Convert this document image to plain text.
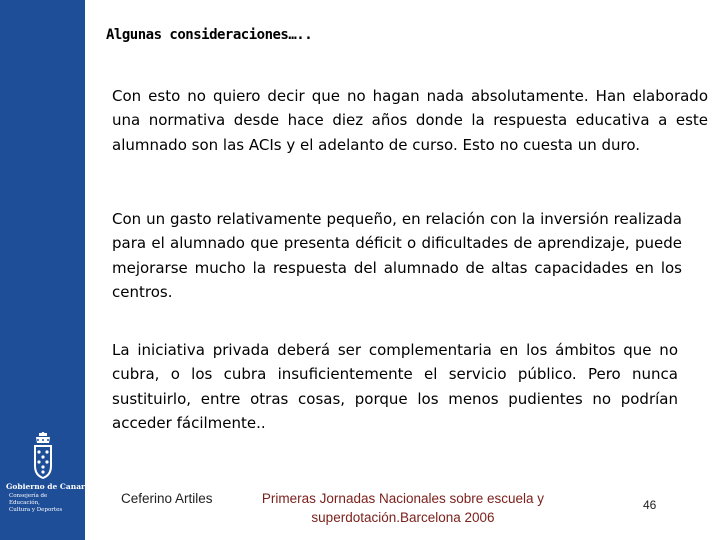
Gobierno de Canarias
Consejería de Educación,
Cultura y Deportes
Algunas consideraciones…..

Con esto no quiero decir que no hagan nada absolutamente. Han elaborado una normativa desde hace diez años donde la respuesta educativa a este alumnado son las ACIs y el adelanto de curso. Esto no cuesta un duro.

Con un gasto relativamente pequeño, en relación con la inversión realizada para el alumnado que presenta déficit o dificultades de aprendizaje, puede mejorarse mucho la respuesta del alumnado de altas capacidades en los centros.

La iniciativa privada deberá ser complementaria en los ámbitos que no cubra, o los cubra insuficientemente el servicio público. Pero nunca sustituirlo, entre otras cosas, porque los menos pudientes no podrían acceder fácilmente..

Ceferino Artiles	Primeras Jornadas Nacionales sobre escuela y
superdotación.Barcelona 2006
46
